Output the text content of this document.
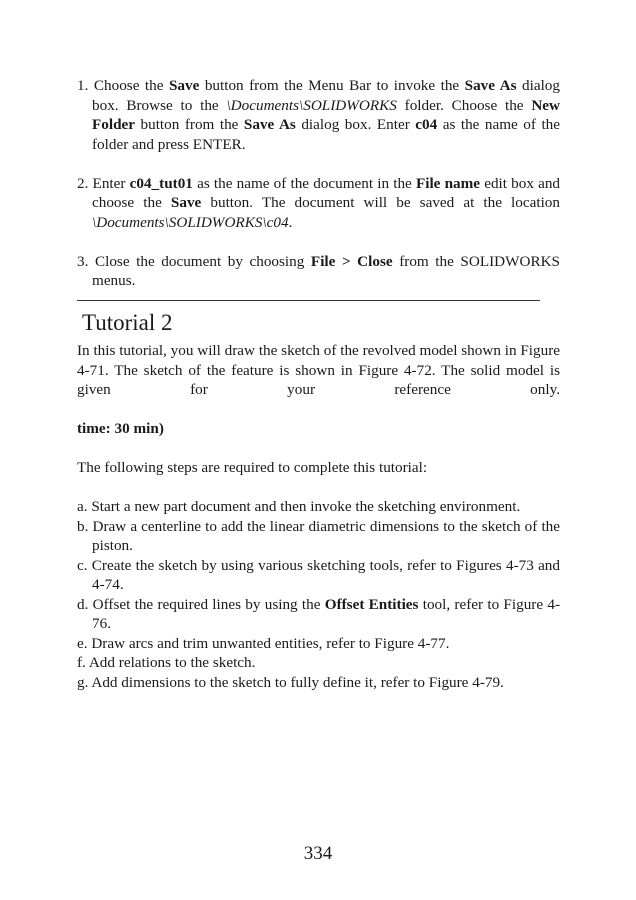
1. Choose the Save button from the Menu Bar to invoke the Save As dialog box. Browse to the \Documents\SOLIDWORKS folder. Choose the New Folder button from the Save As dialog box. Enter c04 as the name of the folder and press ENTER.

2. Enter c04_tut01 as the name of the document in the File name edit box and choose the Save button. The document will be saved at the location \Documents\SOLIDWORKS\c04.

3. Close the document by choosing File > Close from the SOLIDWORKS menus.

Tutorial 2

In this tutorial, you will draw the sketch of the revolved model shown in Figure 4-71. The sketch of the feature is shown in Figure 4-72. The solid model is given for your reference only.

time: 30 min)

The following steps are required to complete this tutorial:

a. Start a new part document and then invoke the sketching environment.

b. Draw a centerline to add the linear diametric dimensions to the sketch of the piston.

c. Create the sketch by using various sketching tools, refer to Figures 4-73 and 4-74.

d. Offset the required lines by using the Offset Entities tool, refer to Figure 4-76.

e. Draw arcs and trim unwanted entities, refer to Figure 4-77.

f. Add relations to the sketch.

g. Add dimensions to the sketch to fully define it, refer to Figure 4-79.

334
